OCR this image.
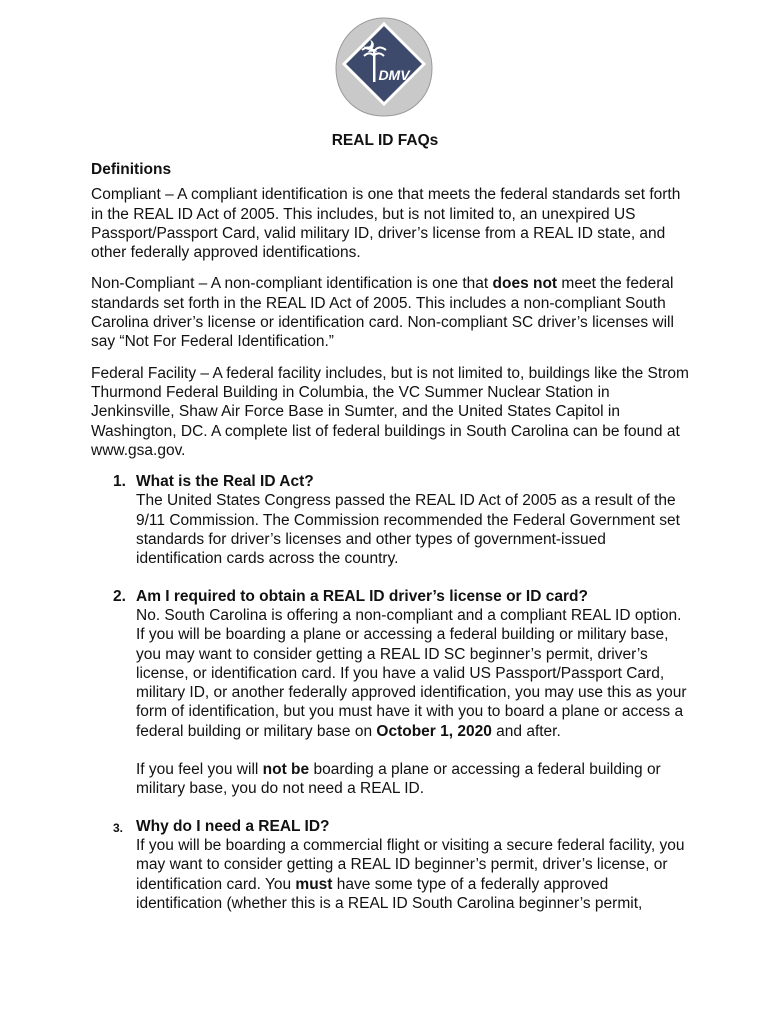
DMV
REAL ID FAQs
Definitions

Compliant – A compliant identification is one that meets the federal standards set forth in the REAL ID Act of 2005. This includes, but is not limited to, an unexpired US Passport/Passport Card, valid military ID, driver’s license from a REAL ID state, and other federally approved identifications.

Non-Compliant – A non-compliant identification is one that does not meet the federal standards set forth in the REAL ID Act of 2005. This includes a non-compliant South Carolina driver’s license or identification card. Non-compliant SC driver’s licenses will say “Not For Federal Identification.”

Federal Facility – A federal facility includes, but is not limited to, buildings like the Strom Thurmond Federal Building in Columbia, the VC Summer Nuclear Station in Jenkinsville, Shaw Air Force Base in Sumter, and the United States Capitol in Washington, DC. A complete list of federal buildings in South Carolina can be found at www.gsa.gov.

1. What is the Real ID Act?

The United States Congress passed the REAL ID Act of 2005 as a result of the 9/11 Commission. The Commission recommended the Federal Government set standards for driver’s licenses and other types of government-issued identification cards across the country.

2. Am I required to obtain a REAL ID driver’s license or ID card?

No. South Carolina is offering a non-compliant and a compliant REAL ID option. If you will be boarding a plane or accessing a federal building or military base, you may want to consider getting a REAL ID SC beginner’s permit, driver’s license, or identification card. If you have a valid US Passport/Passport Card, military ID, or another federally approved identification, you may use this as your form of identification, but you must have it with you to board a plane or access a federal building or military base on October 1, 2020 and after.

If you feel you will not be boarding a plane or accessing a federal building or military base, you do not need a REAL ID.

3. Why do I need a REAL ID?

If you will be boarding a commercial flight or visiting a secure federal facility, you may want to consider getting a REAL ID beginner’s permit, driver’s license, or identification card. You must have some type of a federally approved identification (whether this is a REAL ID South Carolina beginner’s permit,
